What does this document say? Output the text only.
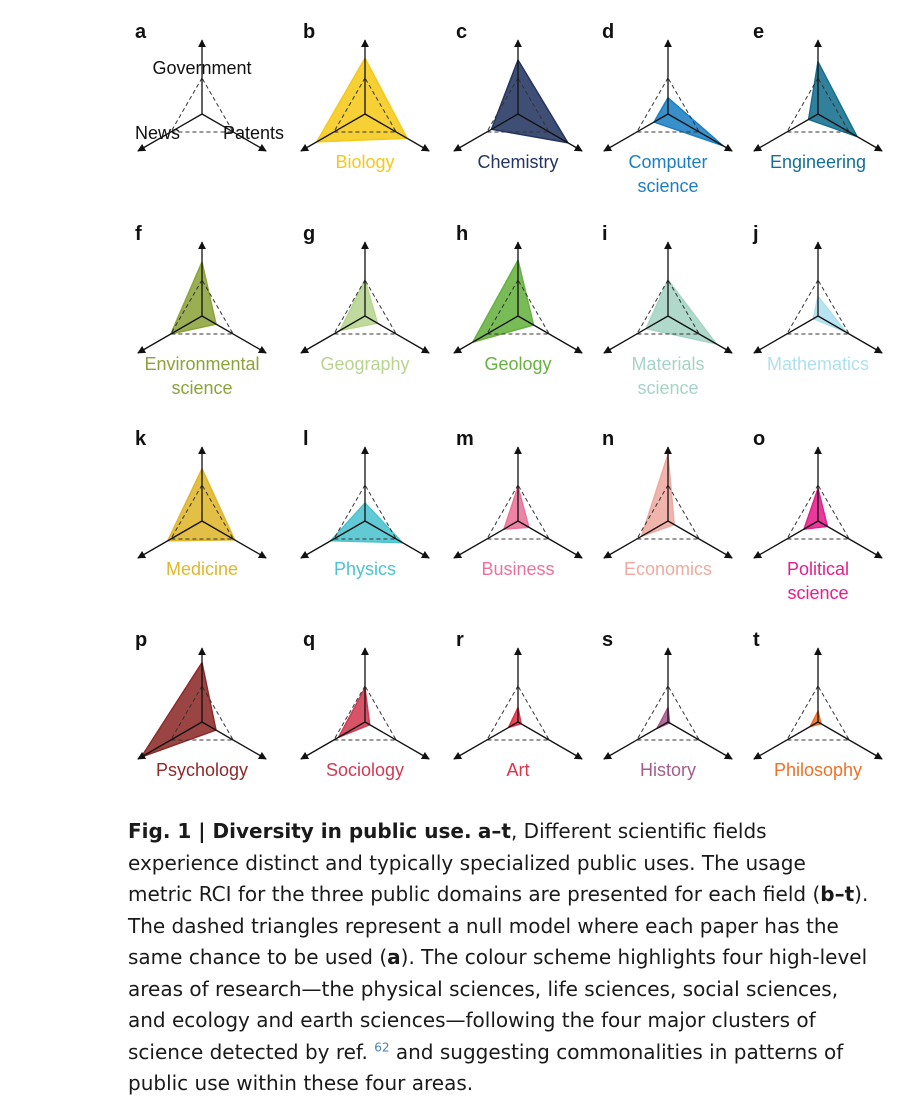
a
Government
News Patents
b
Biology
c
Chemistry
d
Computer
science
e
Engineering
f
Environmental
science
g
Geography
h
Geology
i
Materials
science
j
Mathematics
k
Medicine
l
Physics
m
Business
n
Economics
o
Political
science
p
Psychology
q
Sociology
r
Art
s
History
t
Philosophy
Fig. 1 | Diversity in public use. a–t, Different scientific fields experience distinct and typically specialized public uses. The usage metric RCI for the three public domains are presented for each field (b–t). The dashed triangles represent a null model where each paper has the same chance to be used (a). The colour scheme highlights four high-level areas of research—the physical sciences, life sciences, social sciences, and ecology and earth sciences—following the four major clusters of science detected by ref. $^{62}$ and suggesting commonalities in patterns of public use within these four areas.
